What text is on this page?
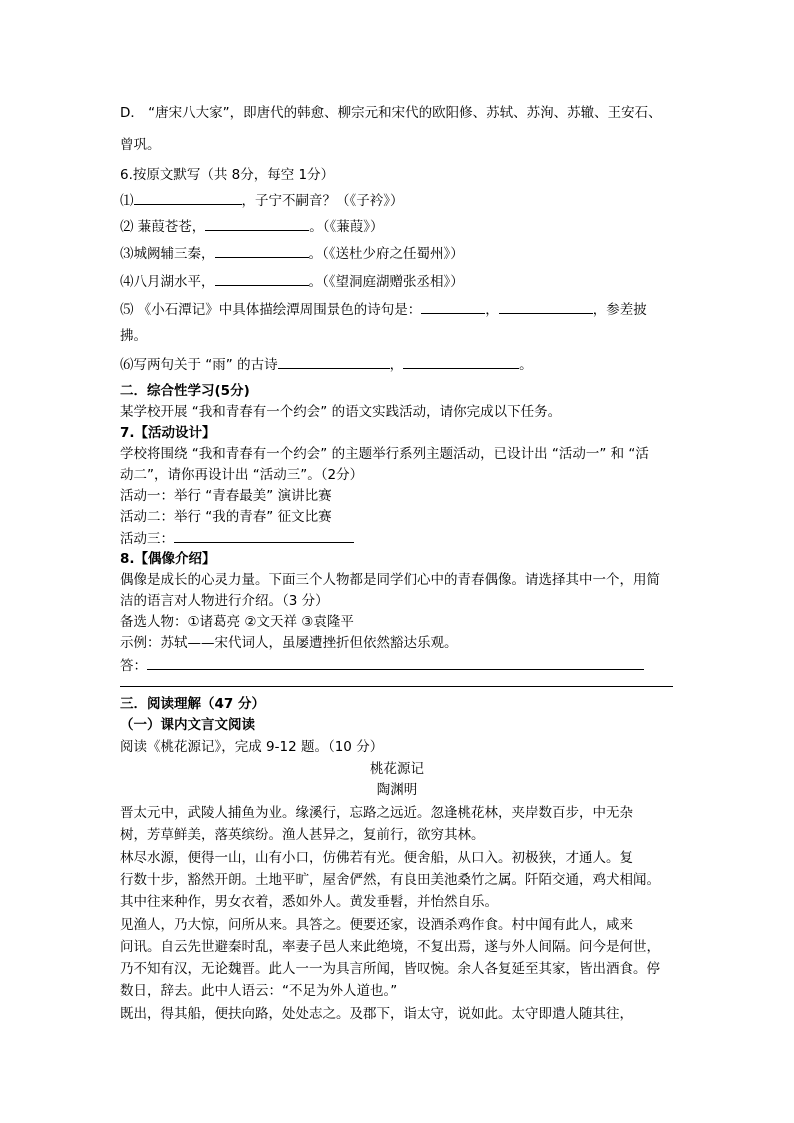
D． “唐宋八大家”，即唐代的韩愈、柳宗元和宋代的欧阳修、苏轼、苏洵、苏辙、王安石、
曾巩。
6.按原文默写（共 8分，每空 1分）
⑴	，子宁不嗣音？（《子衿》）
⑵ 蒹葭苍苍，	。（《蒹葭》）
⑶城阙辅三秦，	。（《送杜少府之任蜀州》）
⑷八月湖水平，	。（《望洞庭湖赠张丞相》）
⑸ 《小石潭记》中具体描绘潭周围景色的诗句是：	，	，参差披
拂。
⑹写两句关于 “雨” 的古诗	，	。
二．综合性学习(5分)
某学校开展 “我和青春有一个约会” 的语文实践活动，请你完成以下任务。
7.【活动设计】
学校将围绕 “我和青春有一个约会” 的主题举行系列主题活动，已设计出 “活动一” 和 “活
动二”，请你再设计出 “活动三”。（2分）
活动一：举行 “青春最美” 演讲比赛
活动二：举行 “我的青春” 征文比赛
活动三：
8.【偶像介绍】
偶像是成长的心灵力量。下面三个人物都是同学们心中的青春偶像。请选择其中一个，用简
洁的语言对人物进行介绍。（3 分）
备选人物：①诸葛亮 ②文天祥 ③袁隆平
示例：苏轼——宋代词人，虽屡遭挫折但依然豁达乐观。
答：
三．阅读理解（47 分）
（一）课内文言文阅读
阅读《桃花源记》，完成 9-12 题。（10 分）
桃花源记
陶渊明
晋太元中，武陵人捕鱼为业。缘溪行，忘路之远近。忽逢桃花林，夹岸数百步，中无杂
树，芳草鲜美，落英缤纷。渔人甚异之，复前行，欲穷其林。
林尽水源，便得一山，山有小口，仿佛若有光。便舍船，从口入。初极狭，才通人。复
行数十步，豁然开朗。土地平旷，屋舍俨然，有良田美池桑竹之属。阡陌交通，鸡犬相闻。
其中往来种作，男女衣着，悉如外人。黄发垂髫，并怡然自乐。
见渔人，乃大惊，问所从来。具答之。便要还家，设酒杀鸡作食。村中闻有此人，咸来
问讯。自云先世避秦时乱，率妻子邑人来此绝境，不复出焉，遂与外人间隔。问今是何世，
乃不知有汉，无论魏晋。此人一一为具言所闻，皆叹惋。余人各复延至其家，皆出酒食。停
数日，辞去。此中人语云：“不足为外人道也。”
既出，得其船，便扶向路，处处志之。及郡下，诣太守，说如此。太守即遣人随其往，
